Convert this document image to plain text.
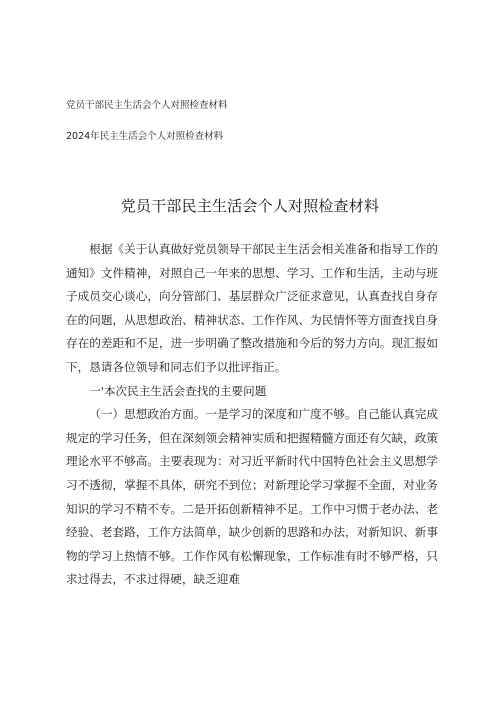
党员干部民主生活会个人对照检查材料
2024年民主生活会个人对照检查材料
党员干部民主生活会个人对照检查材料

根据《关于认真做好党员领导干部民主生活会相关准备和指导工作的通知》文件精神，对照自己一年来的思想、学习、工作和生活，主动与班子成员交心谈心，向分管部门、基层群众广泛征求意见，认真查找自身存在的问题，从思想政治、精神状态、工作作风、为民情怀等方面查找自身存在的差距和不足，进一步明确了整改措施和今后的努力方向。现汇报如下，恳请各位领导和同志们予以批评指正。

一'本次民主生活会查找的主要问题

（一）思想政治方面。一是学习的深度和广度不够。自己能认真完成规定的学习任务，但在深刻领会精神实质和把握精髓方面还有欠缺，政策理论水平不够高。主要表现为：对习近平新时代中国特色社会主义思想学习不透彻，掌握不具体，研究不到位；对新理论学习掌握不全面，对业务知识的学习不精不专。二是开拓创新精神不足。工作中习惯于老办法、老经验、老套路，工作方法简单，缺少创新的思路和办法，对新知识、新事物的学习上热情不够。工作作风有松懈现象，工作标准有时不够严格，只求过得去，不求过得硬，缺乏迎难
